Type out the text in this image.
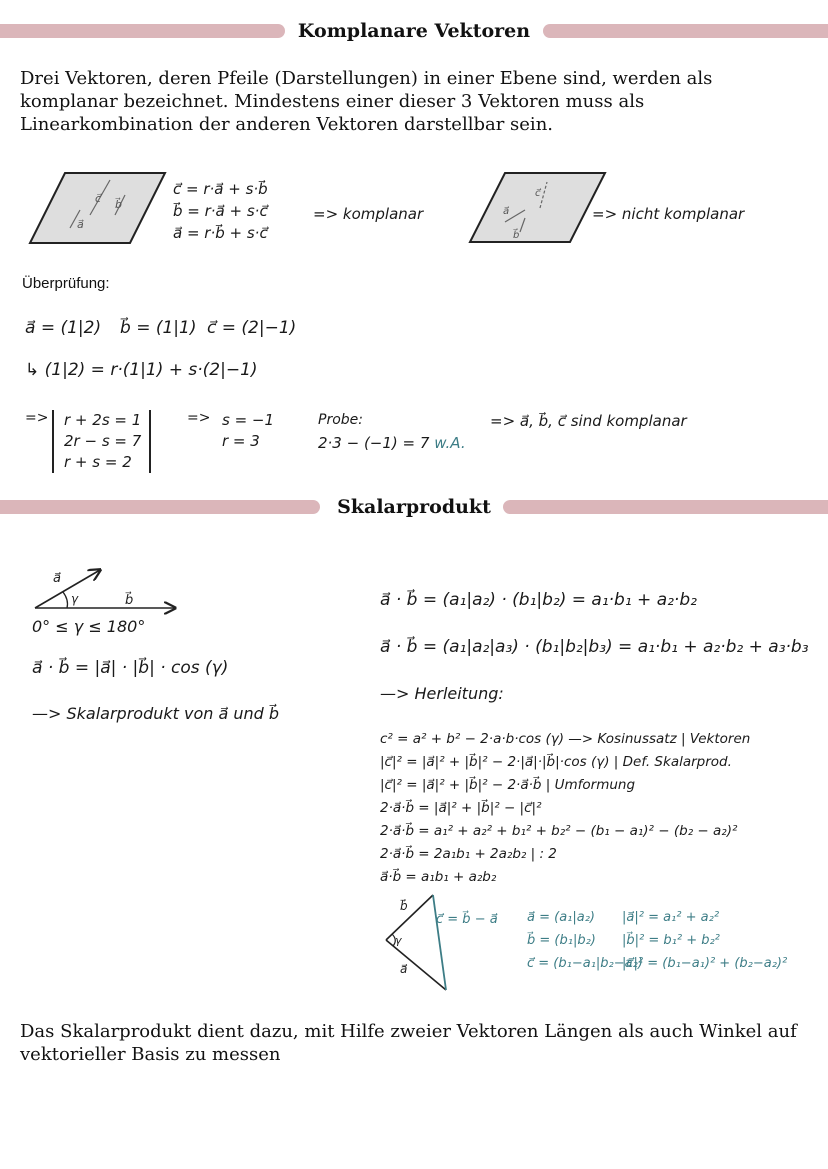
Komplanare Vektoren

Drei Vektoren, deren Pfeile (Darstellungen) in einer Ebene sind, werden als komplanar bezeichnet. Mindestens einer dieser 3 Vektoren muss als Linearkombination der anderen Vektoren darstellbar sein.

a⃗
c⃗ b⃗
c⃗ = r·a⃗ + s·b⃗
b⃗ = r·a⃗ + s·c⃗
a⃗ = r·b⃗ + s·c⃗
=> komplanar	a⃗
b⃗
c⃗
=> nicht komplanar
Überprüfung:
a⃗ = (1|2) b⃗ = (1|1) c⃗ = (2|−1)
↳ (1|2) = r·(1|1) + s·(2|−1)
=> r + 2s = 1
2r − s = 7
r + s = 2
=> s = −1
r = 3
Probe:
2·3 − (−1) = 7 w.A.
=> a⃗, b⃗, c⃗ sind komplanar
Skalarprodukt
a⃗
b⃗
γ
0° ≤ γ ≤ 180°
a⃗ · b⃗ = |a⃗| · |b⃗| · cos (γ)
—> Skalarprodukt von a⃗ und b⃗
a⃗ · b⃗ = (a₁|a₂) · (b₁|b₂) = a₁·b₁ + a₂·b₂
a⃗ · b⃗ = (a₁|a₂|a₃) · (b₁|b₂|b₃) = a₁·b₁ + a₂·b₂ + a₃·b₃
—> Herleitung:
c² = a² + b² − 2·a·b·cos (γ) —> Kosinussatz | Vektoren
|c⃗|² = |a⃗|² + |b⃗|² − 2·|a⃗|·|b⃗|·cos (γ) | Def. Skalarprod.
|c⃗|² = |a⃗|² + |b⃗|² − 2·a⃗·b⃗ | Umformung
2·a⃗·b⃗ = |a⃗|² + |b⃗|² − |c⃗|²
2·a⃗·b⃗ = a₁² + a₂² + b₁² + b₂² − (b₁ − a₁)² − (b₂ − a₂)²
2·a⃗·b⃗ = 2a₁b₁ + 2a₂b₂ | : 2
a⃗·b⃗ = a₁b₁ + a₂b₂
b⃗
a⃗
γ
c⃗ = b⃗ − a⃗ a⃗ = (a₁|a₂)
b⃗ = (b₁|b₂)
c⃗ = (b₁−a₁|b₂−a₂)
|a⃗|² = a₁² + a₂²
|b⃗|² = b₁² + b₂²
|c⃗|² = (b₁−a₁)² + (b₂−a₂)²

Das Skalarprodukt dient dazu, mit Hilfe zweier Vektoren Längen als auch Winkel auf vektorieller Basis zu messen
